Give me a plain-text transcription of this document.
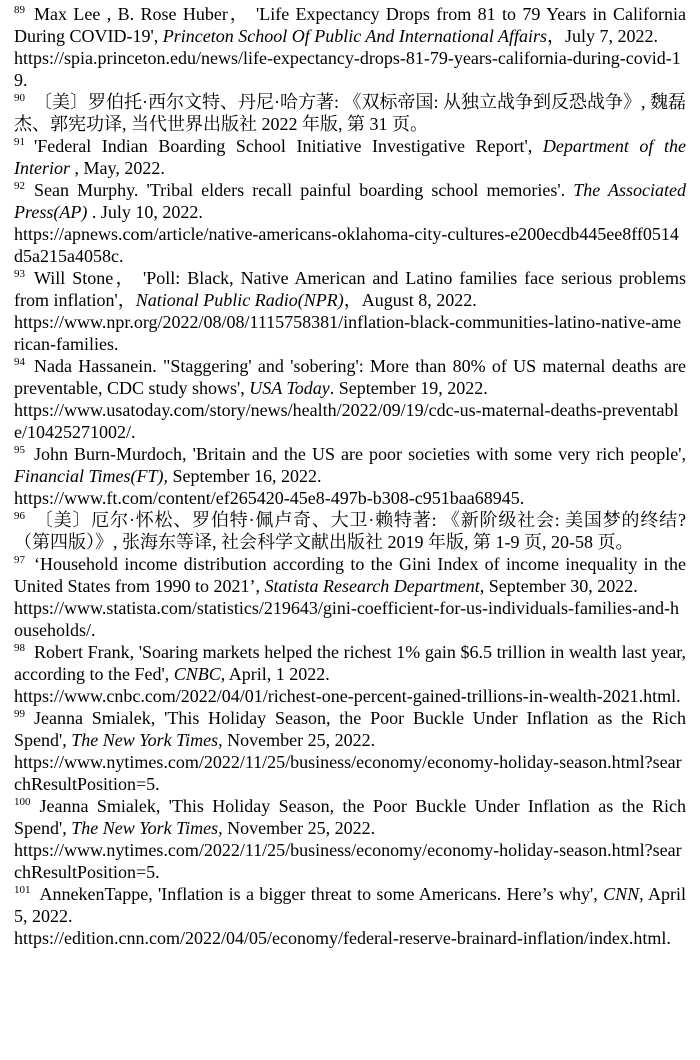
$^{89}$ Max Lee , B. Rose Huber， 'Life Expectancy Drops from 81 to 79 Years in California During COVID-19', Princeton School Of Public And International Affairs，July 7, 2022.

https://spia.princeton.edu/news/life-expectancy-drops-81-79-years-california-during-covid-19.

$^{90}$ 〔美〕罗伯托·西尔文特、丹尼·哈方著: 《双标帝国: 从独立战争到反恐战争》, 魏磊杰、郭宪功译, 当代世界出版社 2022 年版, 第 31 页。

$^{91}$ 'Federal Indian Boarding School Initiative Investigative Report', Department of the Interior , May, 2022.

$^{92}$ Sean Murphy. 'Tribal elders recall painful boarding school memories'. The Associated Press(AP) . July 10, 2022.

https://apnews.com/article/native-americans-oklahoma-city-cultures-e200ecdb445ee8ff0514d5a215a4058c.

$^{93}$ Will Stone， 'Poll: Black, Native American and Latino families face serious problems from inflation'，National Public Radio(NPR)，August 8, 2022.

https://www.npr.org/2022/08/08/1115758381/inflation-black-communities-latino-native-american-families.

$^{94}$ Nada Hassanein. "Staggering' and 'sobering': More than 80% of US maternal deaths are preventable, CDC study shows', USA Today. September 19, 2022.

https://www.usatoday.com/story/news/health/2022/09/19/cdc-us-maternal-deaths-preventable/10425271002/.

$^{95}$ John Burn-Murdoch, 'Britain and the US are poor societies with some very rich people', Financial Times(FT), September 16, 2022.

https://www.ft.com/content/ef265420-45e8-497b-b308-c951baa68945.

$^{96}$ 〔美〕厄尔·怀松、罗伯特·佩卢奇、大卫·赖特著: 《新阶级社会: 美国梦的终结? （第四版）》, 张海东等译, 社会科学文献出版社 2019 年版, 第 1-9 页, 20-58 页。

$^{97}$ ‘Household income distribution according to the Gini Index of income inequality in the United States from 1990 to 2021’, Statista Research Department, September 30, 2022.

https://www.statista.com/statistics/219643/gini-coefficient-for-us-individuals-families-and-households/.

$^{98}$ Robert Frank, 'Soaring markets helped the richest 1% gain $6.5 trillion in wealth last year, according to the Fed', CNBC, April, 1 2022.

https://www.cnbc.com/2022/04/01/richest-one-percent-gained-trillions-in-wealth-2021.html.

$^{99}$ Jeanna Smialek, 'This Holiday Season, the Poor Buckle Under Inflation as the Rich Spend', The New York Times, November 25, 2022.

https://www.nytimes.com/2022/11/25/business/economy/economy-holiday-season.html?searchResultPosition=5.

$^{100}$ Jeanna Smialek, 'This Holiday Season, the Poor Buckle Under Inflation as the Rich Spend', The New York Times, November 25, 2022.

https://www.nytimes.com/2022/11/25/business/economy/economy-holiday-season.html?searchResultPosition=5.

$^{101}$ AnnekenTappe, 'Inflation is a bigger threat to some Americans. Here’s why', CNN, April 5, 2022.

https://edition.cnn.com/2022/04/05/economy/federal-reserve-brainard-inflation/index.html.
